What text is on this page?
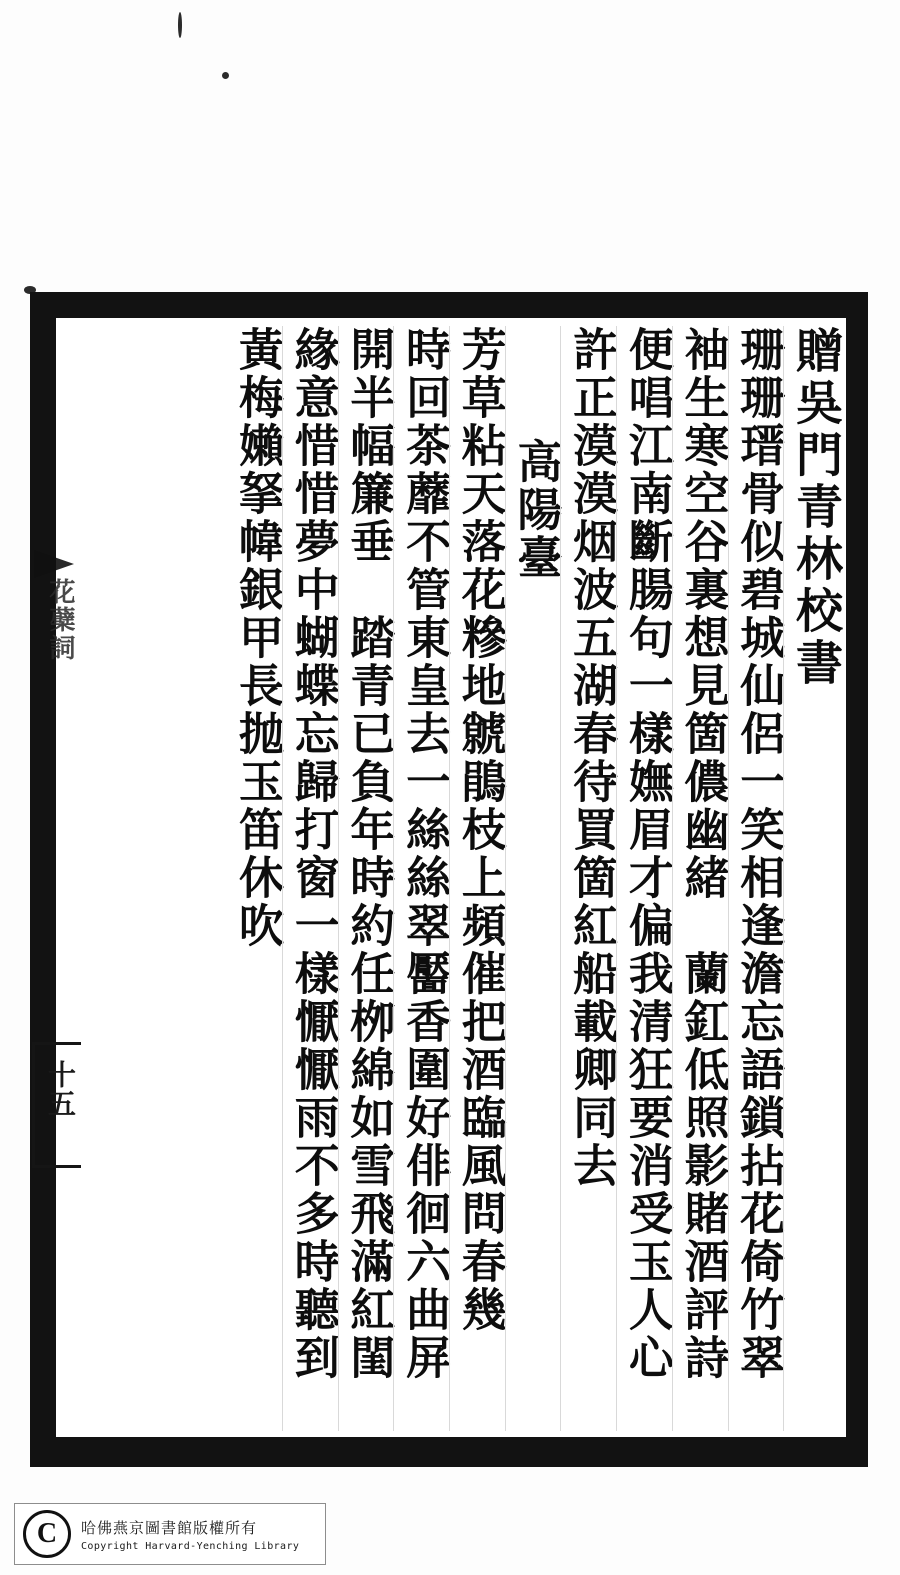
贈吳門青林校書
珊珊瑨骨似碧城仙侶一笑相逢澹忘語鎖拈花倚竹翠
袖生寒空谷裏想見箇儂幽緒　蘭釭低照影賭酒評詩
便唱江南斷腸句一樣嫵眉才偏我清狂要消受玉人心
許正漠漠烟波五湖春待買箇紅船載卿同去
高陽臺
芳草粘天落花糝地虩鵑枝上頻催把酒臨風問春幾
時回茶蘼不管東皇去一絲絲翠靨香圍好俳徊六曲屏
開半幅簾垂　踏青已負年時約任栁綿如雪飛滿紅閨
緣意惜惜夢中蝴蝶忘歸打窗一樣懨懨雨不多時聽到
黃梅嬾拏幃銀甲長抛玉笛休吹
花蘗詞
十五
C	哈佛燕京圖書館版權所有
Copyright Harvard-Yenching Library
